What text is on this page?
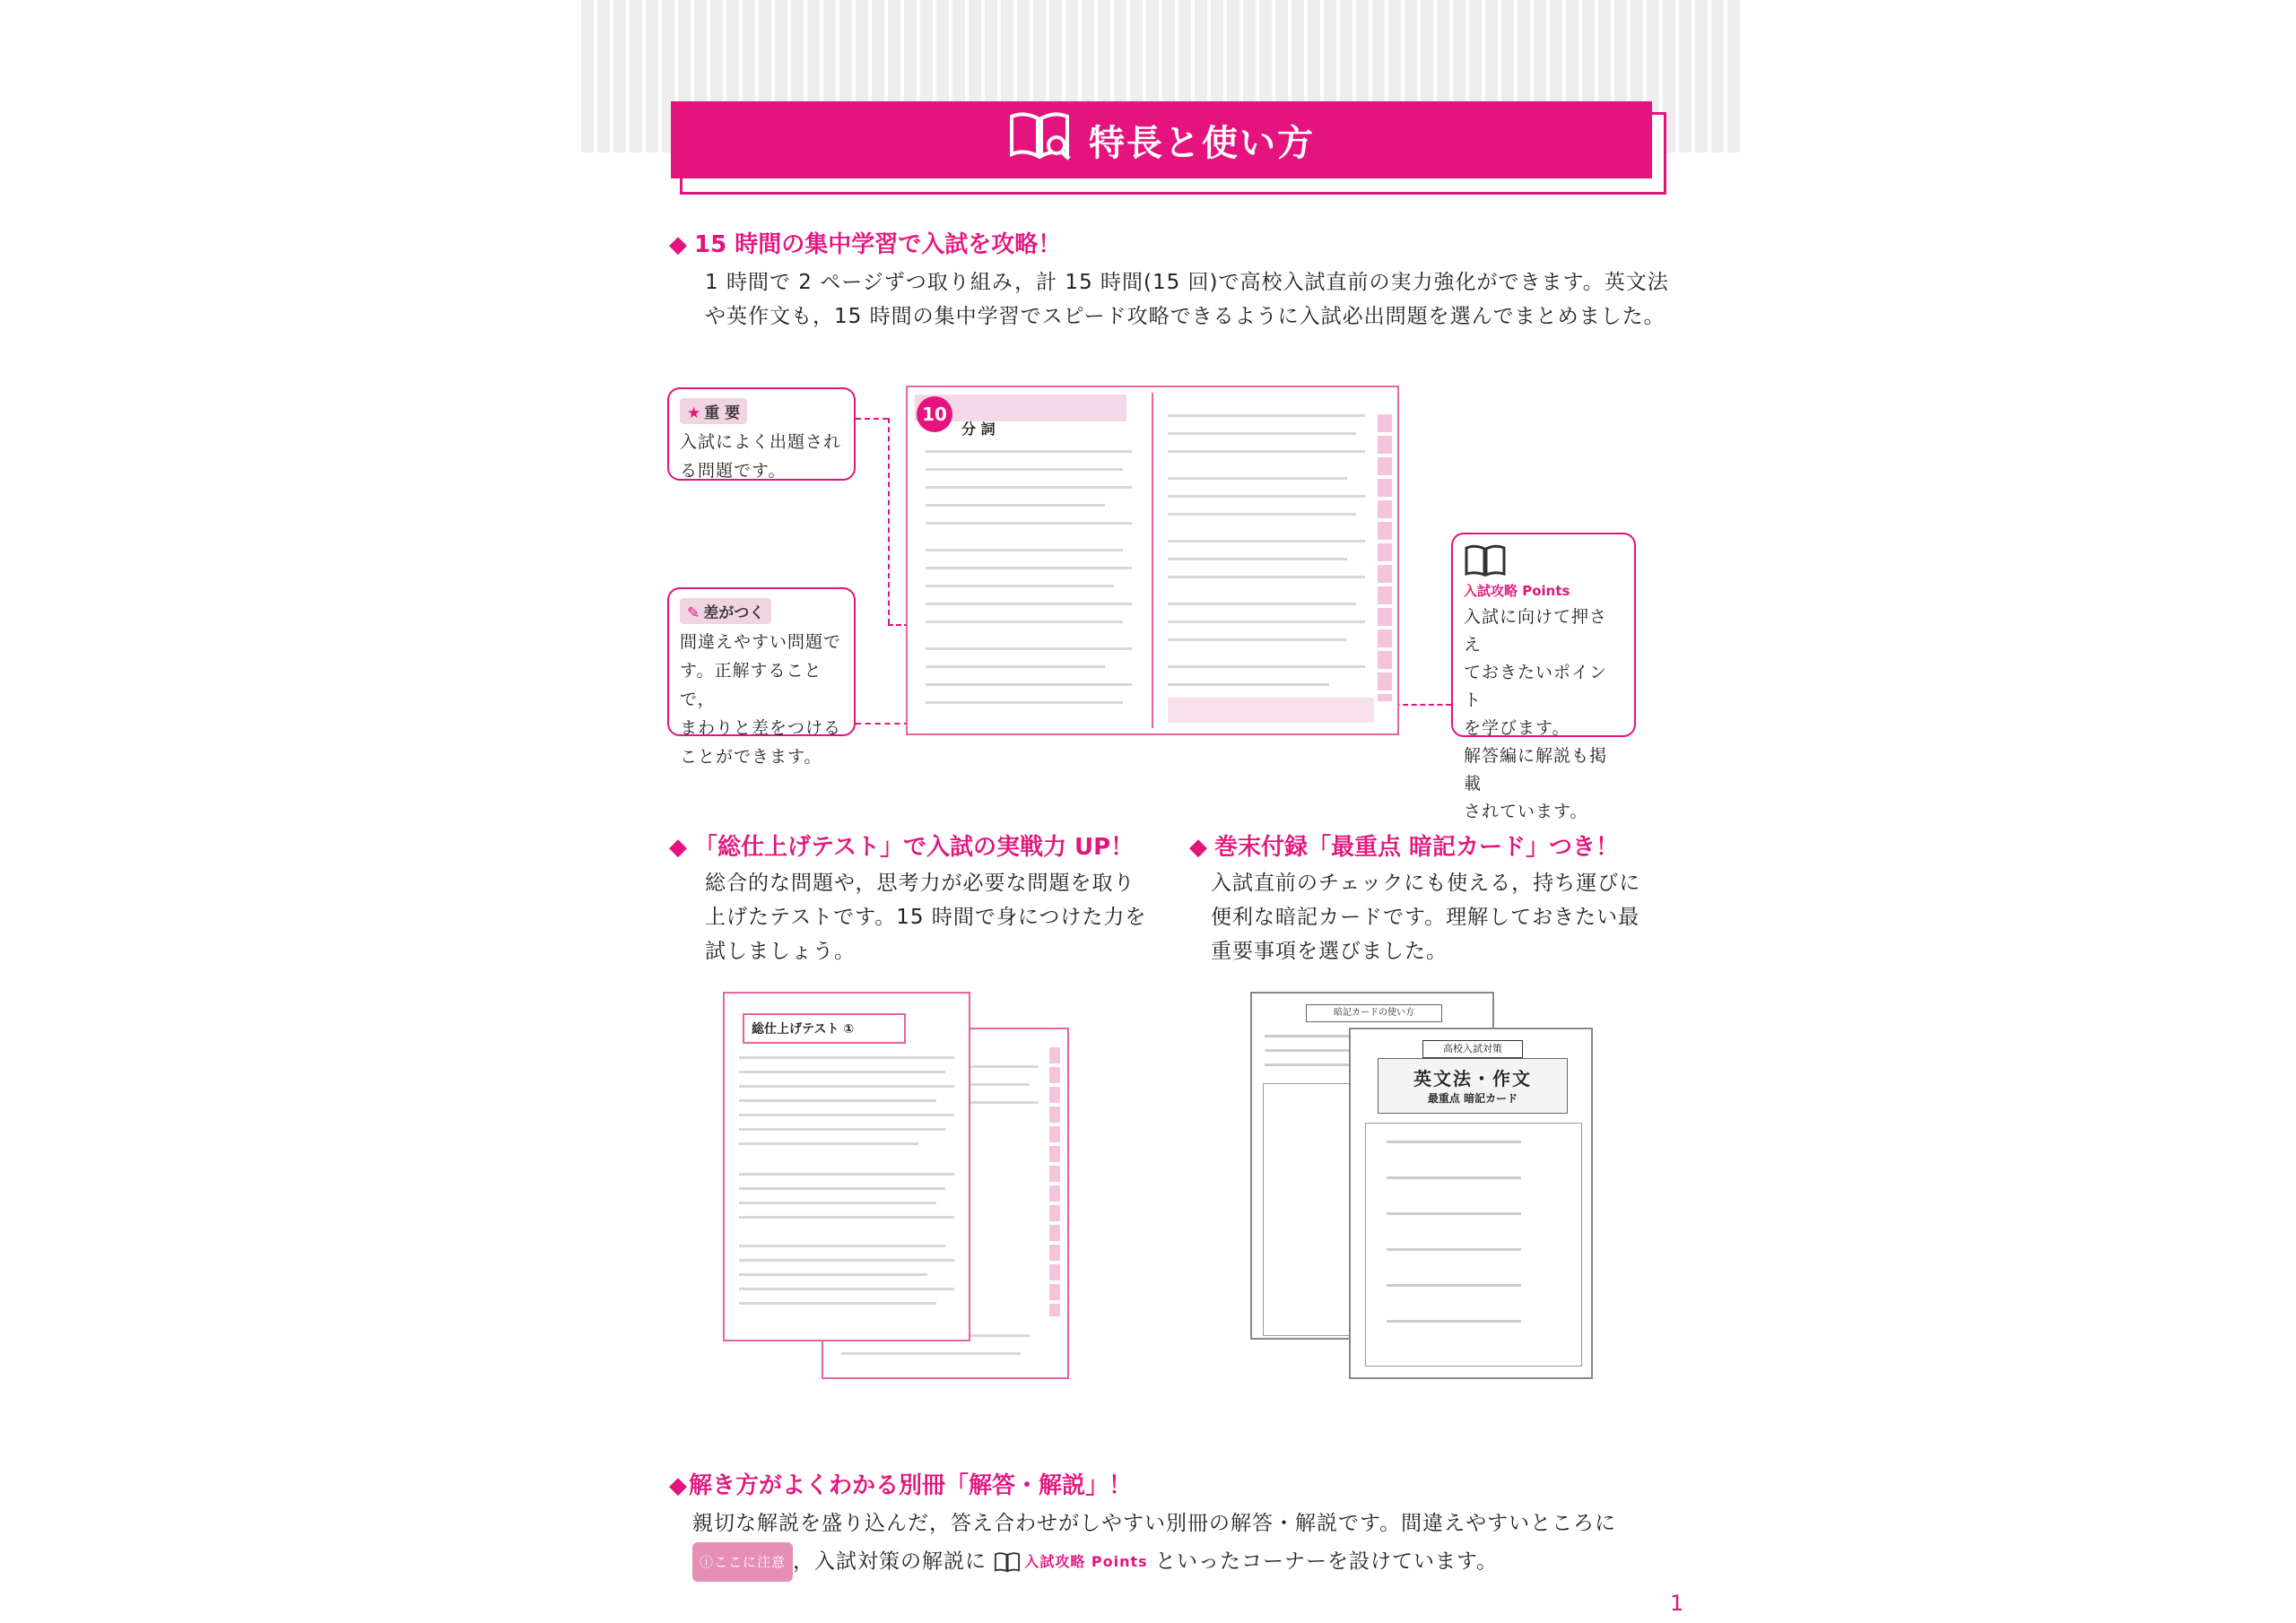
特長と使い方
◆ 15 時間の集中学習で入試を攻略！
1 時間で 2 ページずつ取り組み，計 15 時間(15 回)で高校入試直前の実力強化ができます。英文法
や英作文も，15 時間の集中学習でスピード攻略できるように入試必出問題を選んでまとめました。
★ 重 要
入試によく出題され
る問題です。
✎ 差がつく
間違えやすい問題で
す。正解することで，
まわりと差をつける
ことができます。
入試攻略 Points
入試に向けて押さえ
ておきたいポイント
を学びます。
解答編に解説も掲載
されています。
10
分 詞
◆ 「総仕上げテスト」で入試の実戦力 UP！
総合的な問題や，思考力が必要な問題を取り
上げたテストです。15 時間で身につけた力を
試しましょう。
◆ 巻末付録「最重点 暗記カード」つき！
入試直前のチェックにも使える，持ち運びに
便利な暗記カードです。理解しておきたい最
重要事項を選びました。
総仕上げテスト ①
暗記カードの使い方
高校入試対策
英文法・作文
最重点 暗記カード
◆解き方がよくわかる別冊「解答・解説」！
親切な解説を盛り込んだ，答え合わせがしやすい別冊の解答・解説です。間違えやすいところに
ⓘここに注意 ，入試対策の解説に	入試攻略 Points といったコーナーを設けています。
1
